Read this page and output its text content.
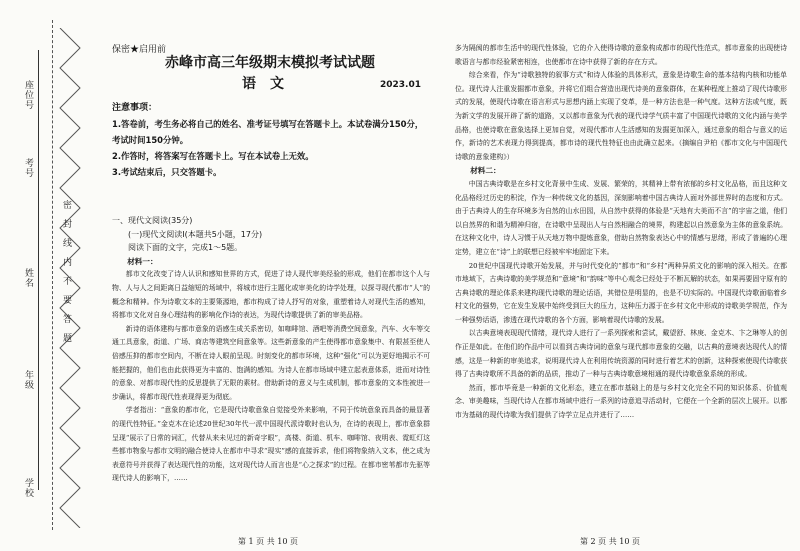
学校
年级
姓名
考号
座位号
密封线内不要答题
保密★启用前
赤峰市高三年级期末模拟考试试题
语文	2023.01
注意事项：
1.答卷前，考生务必将自己的姓名、准考证号填写在答题卡上。本试卷满分150分，考试时间150分钟。
2.作答时，将答案写在答题卡上。写在本试卷上无效。
3.考试结束后，只交答题卡。

一、现代文阅读(35分)

(一)现代文阅读Ⅰ(本题共5小题，17分)

阅读下面的文字，完成1～5题。

材料一：

都市文化改变了诗人认识和感知世界的方式，促进了诗人现代审美经验的形成，他们在都市这个人与物、人与人之间距离日益缩短的场域中，将城市进行主题化或审美化的诗学处理，以探寻现代都市“人”的概念和精神。作为诗歌文本的主要策源地，都市构成了诗人抒写的对象，重塑着诗人对现代生活的感知，将都市文化对自身心理结构的影响化作诗的表达，为现代诗歌提供了新的审美品格。

新诗的语体建构与都市意象的语感生成关系密切，如咖啡馆、酒吧等消费空间意象，汽车、火车等交通工具意象，街道、广场、商店等建筑空间意象等。这些新意象的产生使得都市意象集中、有限甚至使人倍感压抑的都市空间内，不断在诗人眼前呈现。时刻变化的都市环境，这种“强化”可以为更好地揭示不可能把握的，他们也由此获得更为丰富的、饱满的感知。为诗人在都市场域中建立起表意体系，进而对诗性的意象、对都市现代性的反思提供了无限的素材。借助新诗的意义与生成机制，都市意象的文本性被进一步确认，将都市现代性表现得更为彻底。

学者指出：“意象的都市化，它是现代诗歌意象自觉接受外来影响，不同于传统意象而具备的最显著的现代性特征。”金克木在论述20世纪30年代一派中国现代派诗歌时也认为，在诗的表现上，都市意象群呈现“展示了日常的词汇，代替从来未见过的新奇字眼”，高楼、街道、机车、咖啡馆、夜明表、霓虹灯这些都市物象与都市文明的融合使诗人在都市中寻求“现实”感的直接诉求，他们将物象纳入文本，使之成为表意符号并获得了表达现代性的功能，这对现代诗人而言也是“心之探求”的过程。在都市密苇都市先驱等现代诗人的影响下，……

多为隔阂的都市生活中的现代性体验，它的介入使得诗歌的意象构成都市的现代性范式，都市意象的出现使诗歌语言与都市经验紧密相连，也使都市在诗中获得了新的存在方式。

综合来看，作为“诗歌独特的叙事方式”和诗人体验的具体形式，意象是诗歌生命的基本结构内核和功能单位。现代诗人注重发掘都市意象，并将它们组合营造出现代诗美的意象群体，在某种程度上推动了现代诗歌形式的发展，使现代诗歌在语言形式与思想内涵上实现了变革，是一种方法也是一种气度。这种方法或气度，既为新文学的发展开辟了新的道路，又以都市意象为代表的现代诗学气质丰富了中国现代诗歌的文化内涵与美学品格，也使诗歌在意象选择上更加自觉，对现代都市人生活感知的发掘更加深入，通过意象的组合与意义的运作，新诗的艺术表现力得到提高，都市诗的现代性特征也由此确立起来。（摘编自尹柏《都市文化与中国现代诗歌的意象建构》）

材料二：

中国古典诗歌是在乡村文化背景中生成、发展、繁荣的，其精神上带有浓郁的乡村文化品格，而且这种文化品格经过历史的积淀，作为一种传统文化的基因，深刻影响着中国古典诗人面对外部世界时的态度和方式。由于古典诗人的生存环境多为自然的山水田园，从自然中获得的体验是“天地有大美而不言”的宇宙之道，他们以自然界的和谐为精神归宿，在诗歌中呈现出人与自然相融合的境界，构建起以自然意象为主体的意象系统。在这种文化中，诗人习惯于从天地万物中提炼意象，借助自然物象表达心中的情感与思绪，形成了普遍的心理定势，建立在“诗”上的联想已经被牢牢地固定下来。

20世纪中国现代诗歌开始发展，并与时代变化的“都市”和“乡村”两种异质文化的影响的深入相关。在都市地域下，古典诗歌的美学规范和“意境”和“韵味”等中心观念已经处于不断瓦解的状态，如果再要固守原有的古典诗歌的理论体系来建构现代诗歌的理论话语，其错位是明显的，也是不切实际的。中国现代诗歌面临着乡村文化的强势，它在发生发展中始终受到巨大的压力，这种压力源于在乡村文化中形成的诗歌美学规范，作为一种强势话语，渗透在现代诗歌的各个方面，影响着现代诗歌的发展。

以古典意境表现现代情绪，现代诗人进行了一系列探索和尝试，戴望舒、林庚、金克木、卞之琳等人的创作正是如此。在他们的作品中可以看到古典诗词的意象与现代都市意象的交融，以古典的意境表达现代人的情感，这是一种新的审美追求，说明现代诗人在利用传统资源的同时进行着艺术的创新，这种探索使现代诗歌获得了古典诗歌所不具备的新的品质，推动了一种与古典诗歌意境相通的现代诗歌意象系统的形成。

然而，都市毕竟是一种新的文化形态，建立在都市基础上的是与乡村文化完全不同的知识体系、价值观念、审美趣味，当现代诗人在都市场域中进行一系列的诗意追寻活动时，它便在一个全新的层次上展开。以都市为基础的现代诗歌为我们提供了诗学立足点并进行了……

第 1 页 共 10 页	第 2 页 共 10 页
